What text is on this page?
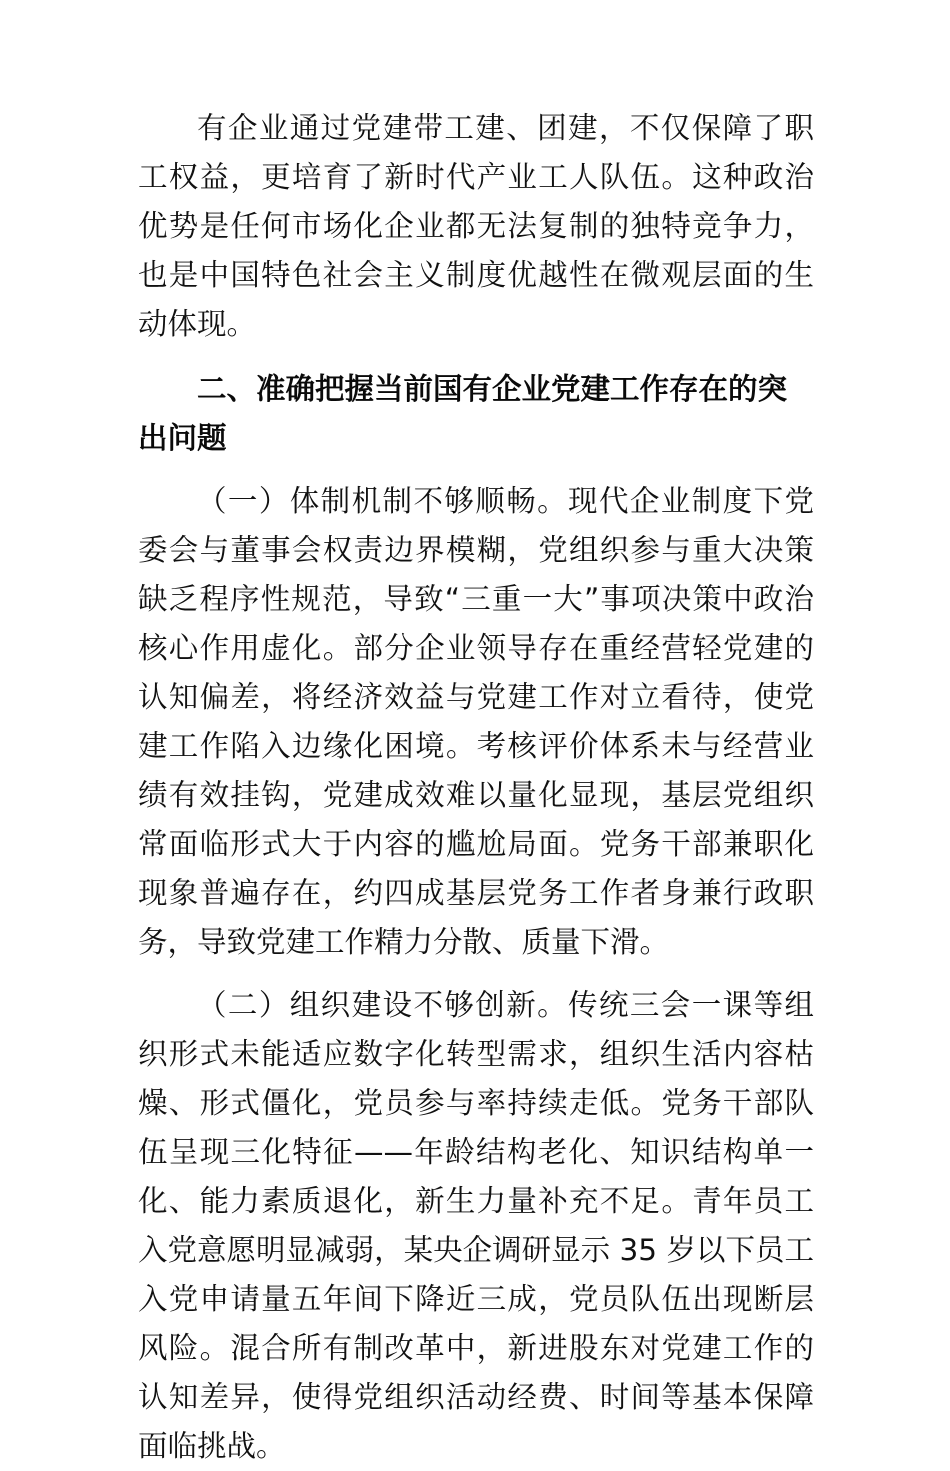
有企业通过党建带工建、团建，不仅保障了职工权益，更培育了新时代产业工人队伍。这种政治优势是任何市场化企业都无法复制的独特竞争力，也是中国特色社会主义制度优越性在微观层面的生动体现。

二、准确把握当前国有企业党建工作存在的突出问题

（一）体制机制不够顺畅。现代企业制度下党委会与董事会权责边界模糊，党组织参与重大决策缺乏程序性规范，导致“三重一大”事项决策中政治核心作用虚化。部分企业领导存在重经营轻党建的认知偏差，将经济效益与党建工作对立看待，使党建工作陷入边缘化困境。考核评价体系未与经营业绩有效挂钩，党建成效难以量化显现，基层党组织常面临形式大于内容的尴尬局面。党务干部兼职化现象普遍存在，约四成基层党务工作者身兼行政职务，导致党建工作精力分散、质量下滑。

（二）组织建设不够创新。传统三会一课等组织形式未能适应数字化转型需求，组织生活内容枯燥、形式僵化，党员参与率持续走低。党务干部队伍呈现三化特征——年龄结构老化、知识结构单一化、能力素质退化，新生力量补充不足。青年员工入党意愿明显减弱，某央企调研显示 35 岁以下员工入党申请量五年间下降近三成，党员队伍出现断层风险。混合所有制改革中，新进股东对党建工作的认知差异，使得党组织活动经费、时间等基本保障面临挑战。
